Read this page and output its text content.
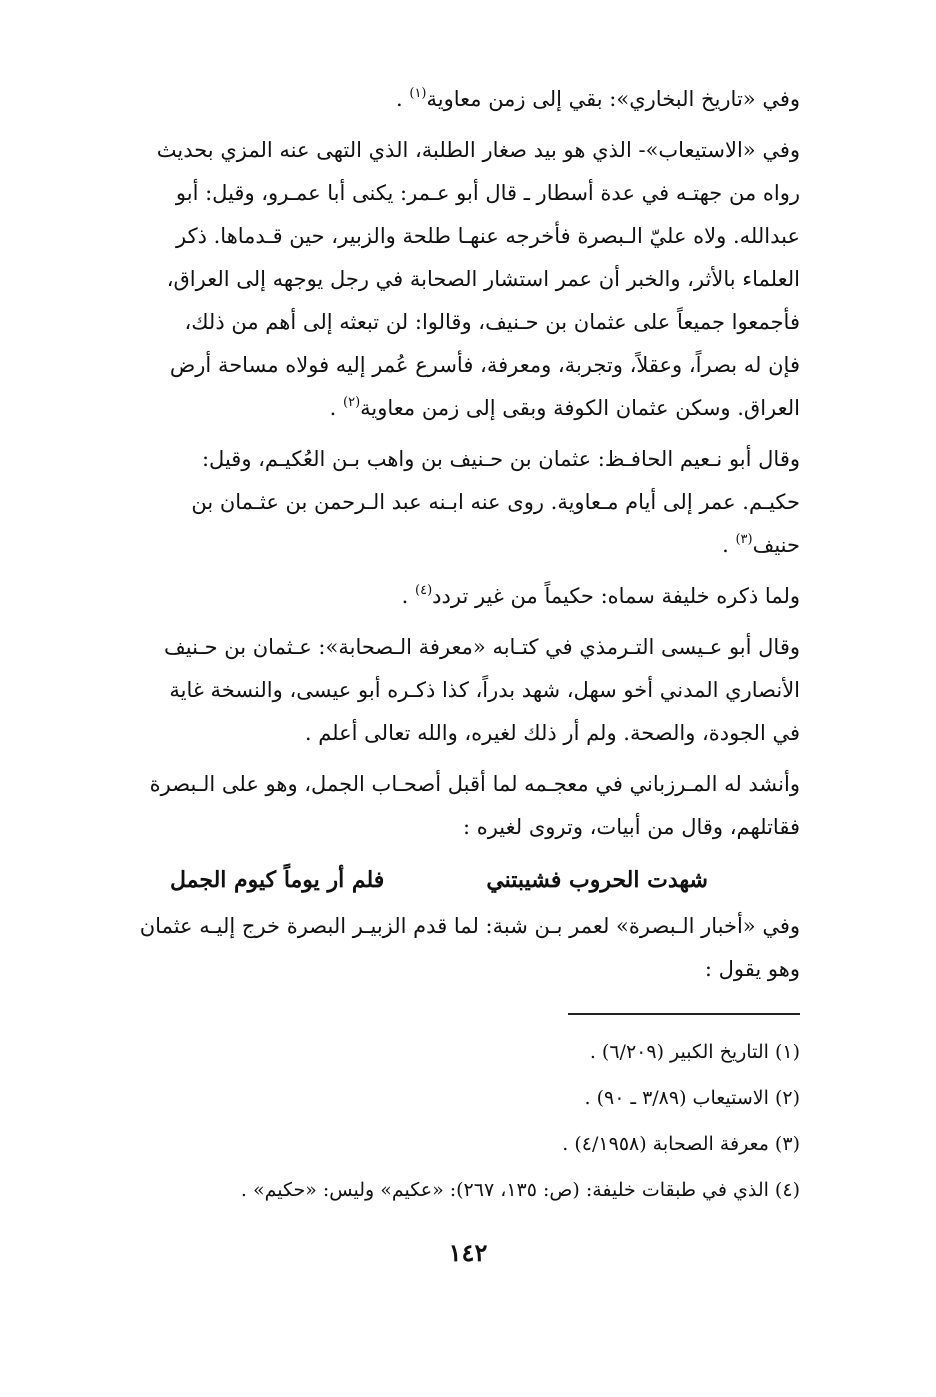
وفي «تاريخ البخاري»: بقي إلى زمن معاوية$^{(١)}$ .
وفي «الاستيعاب»- الذي هو بيد صغار الطلبة، الذي التهى عنه المزي بحديث
رواه من جهتـه في عدة أسطار ـ قال أبو عـمر: يكنى أبا عمـرو، وقيل: أبو
عبدالله. ولاه عليّ الـبصرة فأخرجه عنهـا طلحة والزبير، حين قـدماها. ذكر
العلماء بالأثر، والخبر أن عمر استشار الصحابة في رجل يوجهه إلى العراق،
فأجمعوا جميعاً على عثمان بن حـنيف، وقالوا: لن تبعثه إلى أهم من ذلك،
فإن له بصراً، وعقلاً، وتجربة، ومعرفة، فأسرع عُمر إليه فولاه مساحة أرض
العراق. وسكن عثمان الكوفة وبقى إلى زمن معاوية$^{(٢)}$ .
وقال أبو نـعيم الحافـظ: عثمان بن حـنيف بن واهب بـن العُكيـم، وقيل:
حكيـم. عمر إلى أيام مـعاوية. روى عنه ابـنه عبد الـرحمن بن عثـمان بن
حنيف$^{(٣)}$ .
ولما ذكره خليفة سماه: حكيماً من غير تردد$^{(٤)}$ .
وقال أبو عـيسى التـرمذي في كتـابه «معرفة الـصحابة»: عـثمان بن حـنيف
الأنصاري المدني أخو سهل، شهد بدراً، كذا ذكـره أبو عيسى، والنسخة غاية
في الجودة، والصحة. ولم أر ذلك لغيره، والله تعالى أعلم .
وأنشد له المـرزباني في معجـمه لما أقبل أصحـاب الجمل، وهو على الـبصرة
فقاتلهم، وقال من أبيات، وتروى لغيره :
شهدت الحروب فشيبتني
فلم أر يوماً كيوم الجمل
وفي «أخبار الـبصرة» لعمر بـن شبة: لما قدم الزبيـر البصرة خرج إليـه عثمان
وهو يقول :
(١) التاريخ الكبير (٦/٢٠٩) .
(٢) الاستيعاب (٣/٨٩ ـ ٩٠) .
(٣) معرفة الصحابة (٤/١٩٥٨) .
(٤) الذي في طبقات خليفة: (ص: ١٣٥، ٢٦٧): «عكيم» وليس: «حكيم» .
١٤٢
